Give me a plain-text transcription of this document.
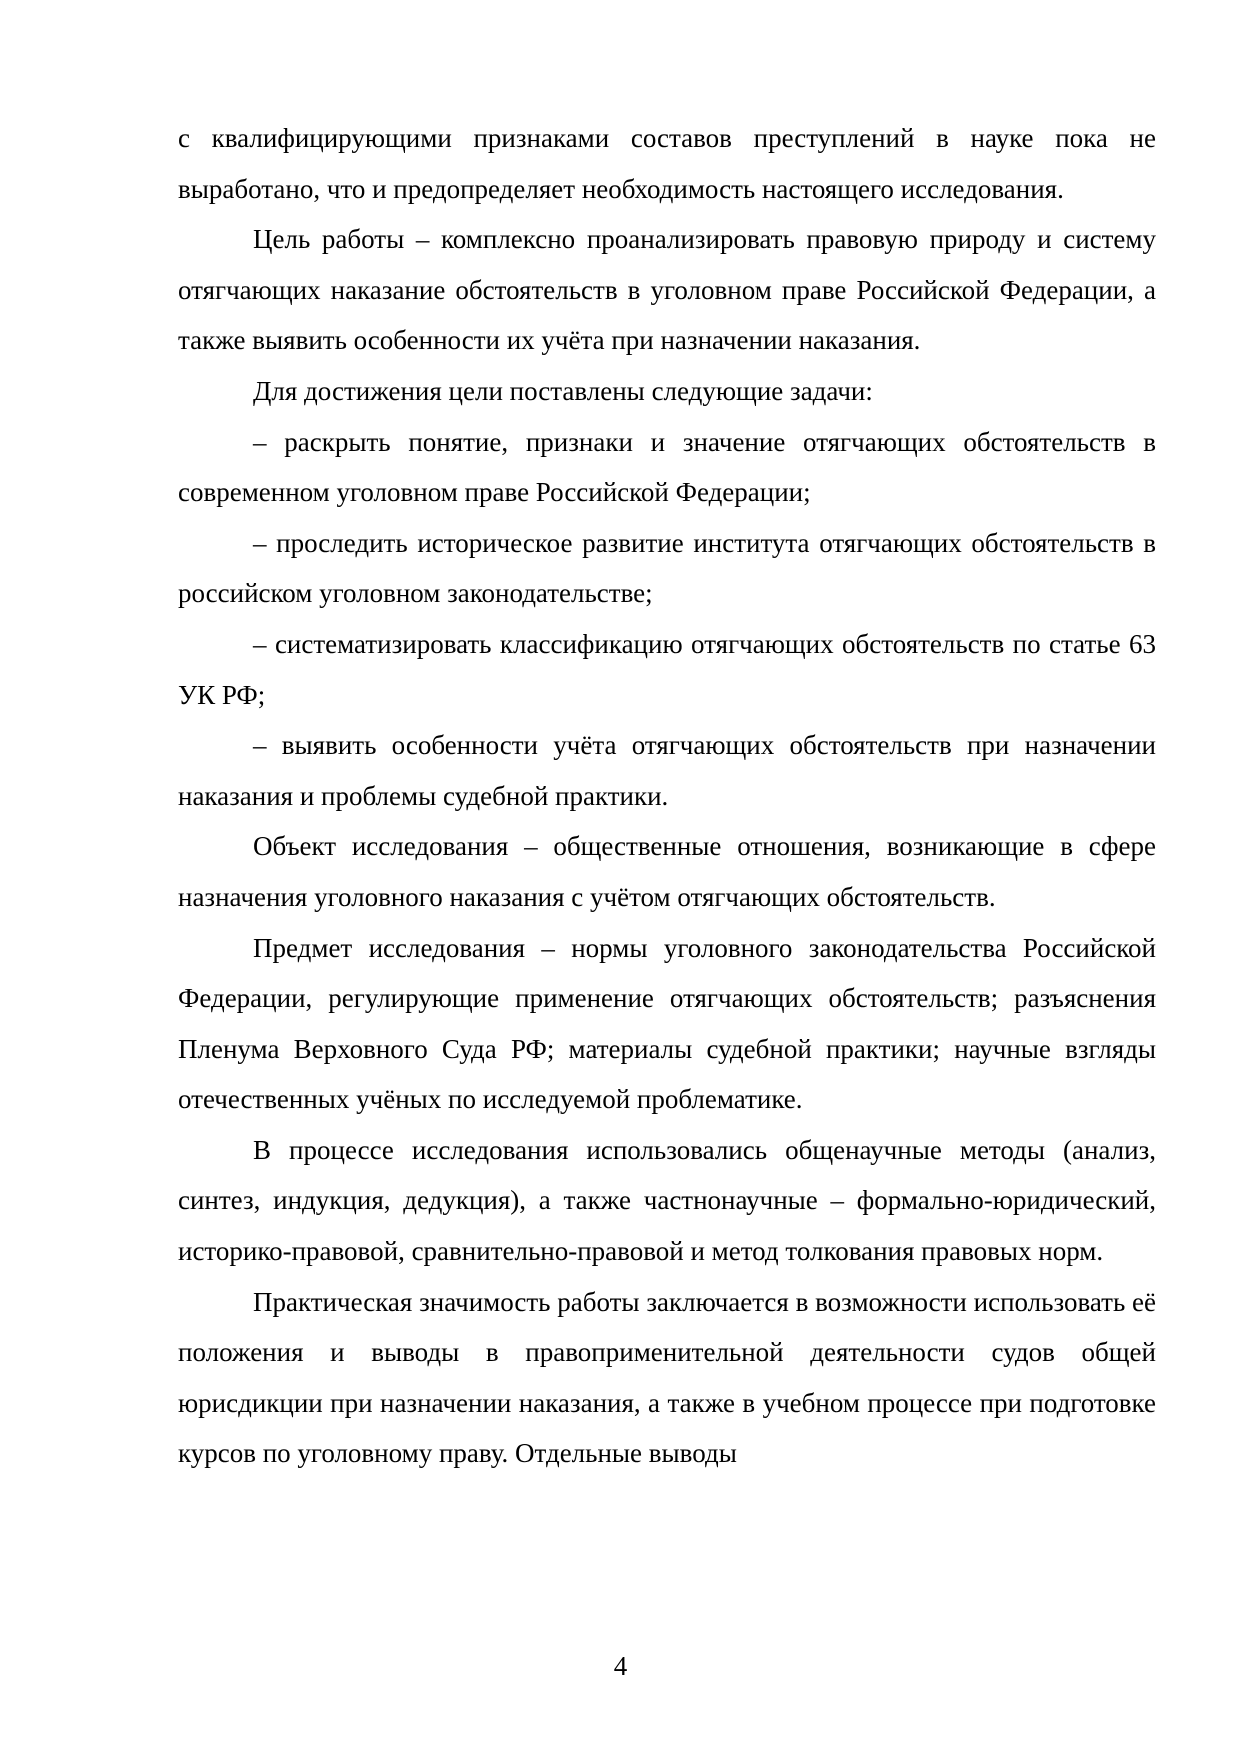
с квалифицирующими признаками составов преступлений в науке пока не выработано, что и предопределяет необходимость настоящего исследования.

Цель работы – комплексно проанализировать правовую природу и систему отягчающих наказание обстоятельств в уголовном праве Российской Федерации, а также выявить особенности их учёта при назначении наказания.

Для достижения цели поставлены следующие задачи:

– раскрыть понятие, признаки и значение отягчающих обстоятельств в современном уголовном праве Российской Федерации;

– проследить историческое развитие института отягчающих обстоятельств в российском уголовном законодательстве;

– систематизировать классификацию отягчающих обстоятельств по статье 63 УК РФ;

– выявить особенности учёта отягчающих обстоятельств при назначении наказания и проблемы судебной практики.

Объект исследования – общественные отношения, возникающие в сфере назначения уголовного наказания с учётом отягчающих обстоятельств.

Предмет исследования – нормы уголовного законодательства Российской Федерации, регулирующие применение отягчающих обстоятельств; разъяснения Пленума Верховного Суда РФ; материалы судебной практики; научные взгляды отечественных учёных по исследуемой проблематике.

В процессе исследования использовались общенаучные методы (анализ, синтез, индукция, дедукция), а также частнонаучные – формально-юридический, историко-правовой, сравнительно-правовой и метод толкования правовых норм.

Практическая значимость работы заключается в возможности использовать её положения и выводы в правоприменительной деятельности судов общей юрисдикции при назначении наказания, а также в учебном процессе при подготовке курсов по уголовному праву. Отдельные выводы

4
